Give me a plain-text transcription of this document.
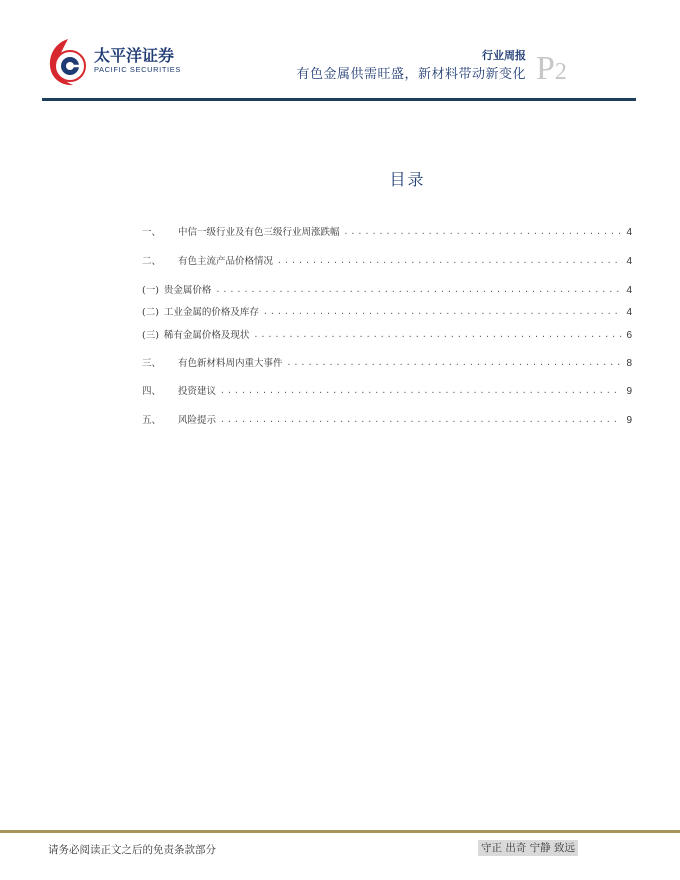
太平洋证券
PACIFIC SECURITIES
行业周报
有色金属供需旺盛，新材料带动新变化 P2
目录
一、	中信一级行业及有色三级行业周涨跌幅 .....	4
二、	有色主流产品价格情况 .....	4
(一) 贵金属价格 .....	4
(二) 工业金属的价格及库存 .....	4
(三) 稀有金属价格及现状 .....	6
三、	有色新材料周内重大事件 .....	8
四、	投资建议 .....	9
五、	风险提示 .....	9
请务必阅读正文之后的免责条款部分	守正 出奇 宁静 致远
